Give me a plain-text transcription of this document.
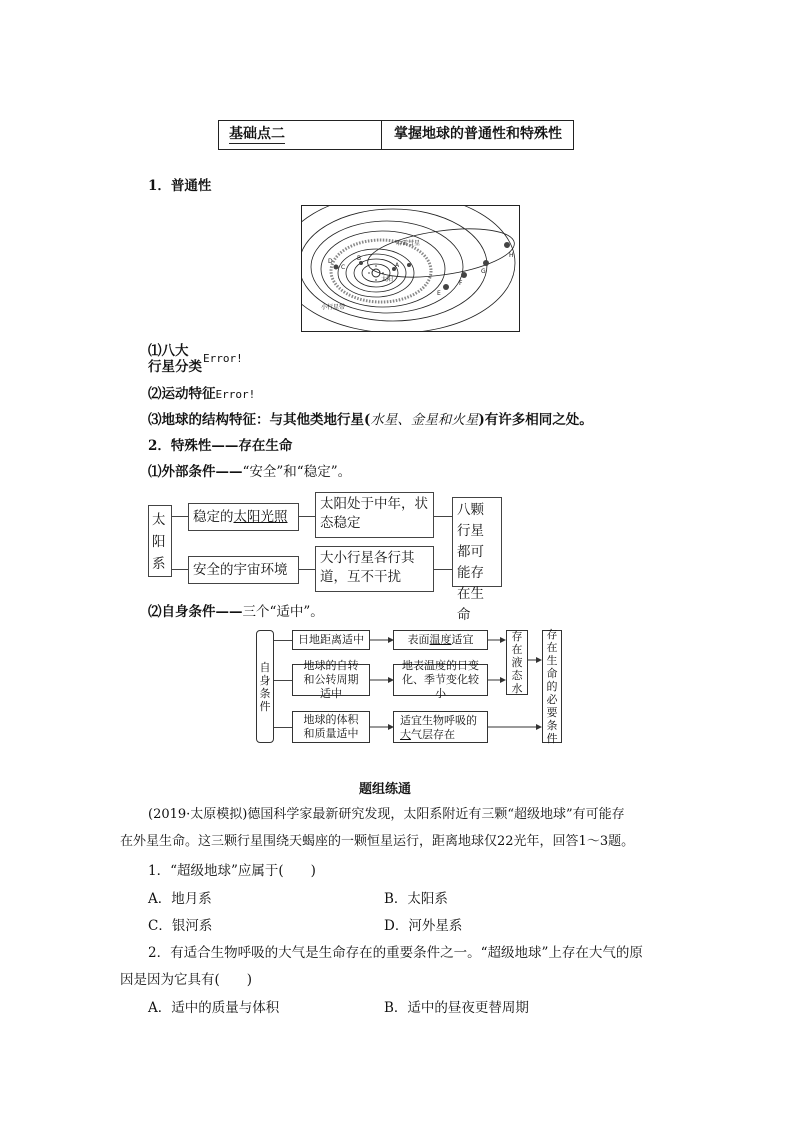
基础点二	掌握地球的普通性和特殊性
1．普通性
太阳
哈雷彗星
小行星带
A
B
C
D
E
F
G
H
⑴八大
行星分类
Error!
⑵运动特征Error!
⑶地球的结构特征：与其他类地行星(水星、金星和火星)有许多相同之处。
2．特殊性——存在生命
⑴外部条件——“安全”和“稳定”。
太阳系
稳定的太阳光照
安全的宇宙环境
太阳处于中年，状态稳定
大小行星各行其道，互不干扰
八颗行星都可能存在生命
⑵自身条件——三个“适中”。
自身条件
日地距离适中
地球的自转和公转周期适中
地球的体积和质量适中
表面 温度 适宜
地表温度的日变化、季节变化较小
适宜生物呼吸的大气层存在
存在液态水
存在生命的必要条件
题组练通
(2019·太原模拟)德国科学家最新研究发现，太阳系附近有三颗“超级地球”有可能存
在外星生命。这三颗行星围绕天蝎座的一颗恒星运行，距离地球仅22光年，回答1～3题。
1．“超级地球”应属于(　　)
A．地月系	B．太阳系
C．银河系	D．河外星系
2．有适合生物呼吸的大气是生命存在的重要条件之一。“超级地球”上存在大气的原
因是因为它具有(　　)
A．适中的质量与体积	B．适中的昼夜更替周期
